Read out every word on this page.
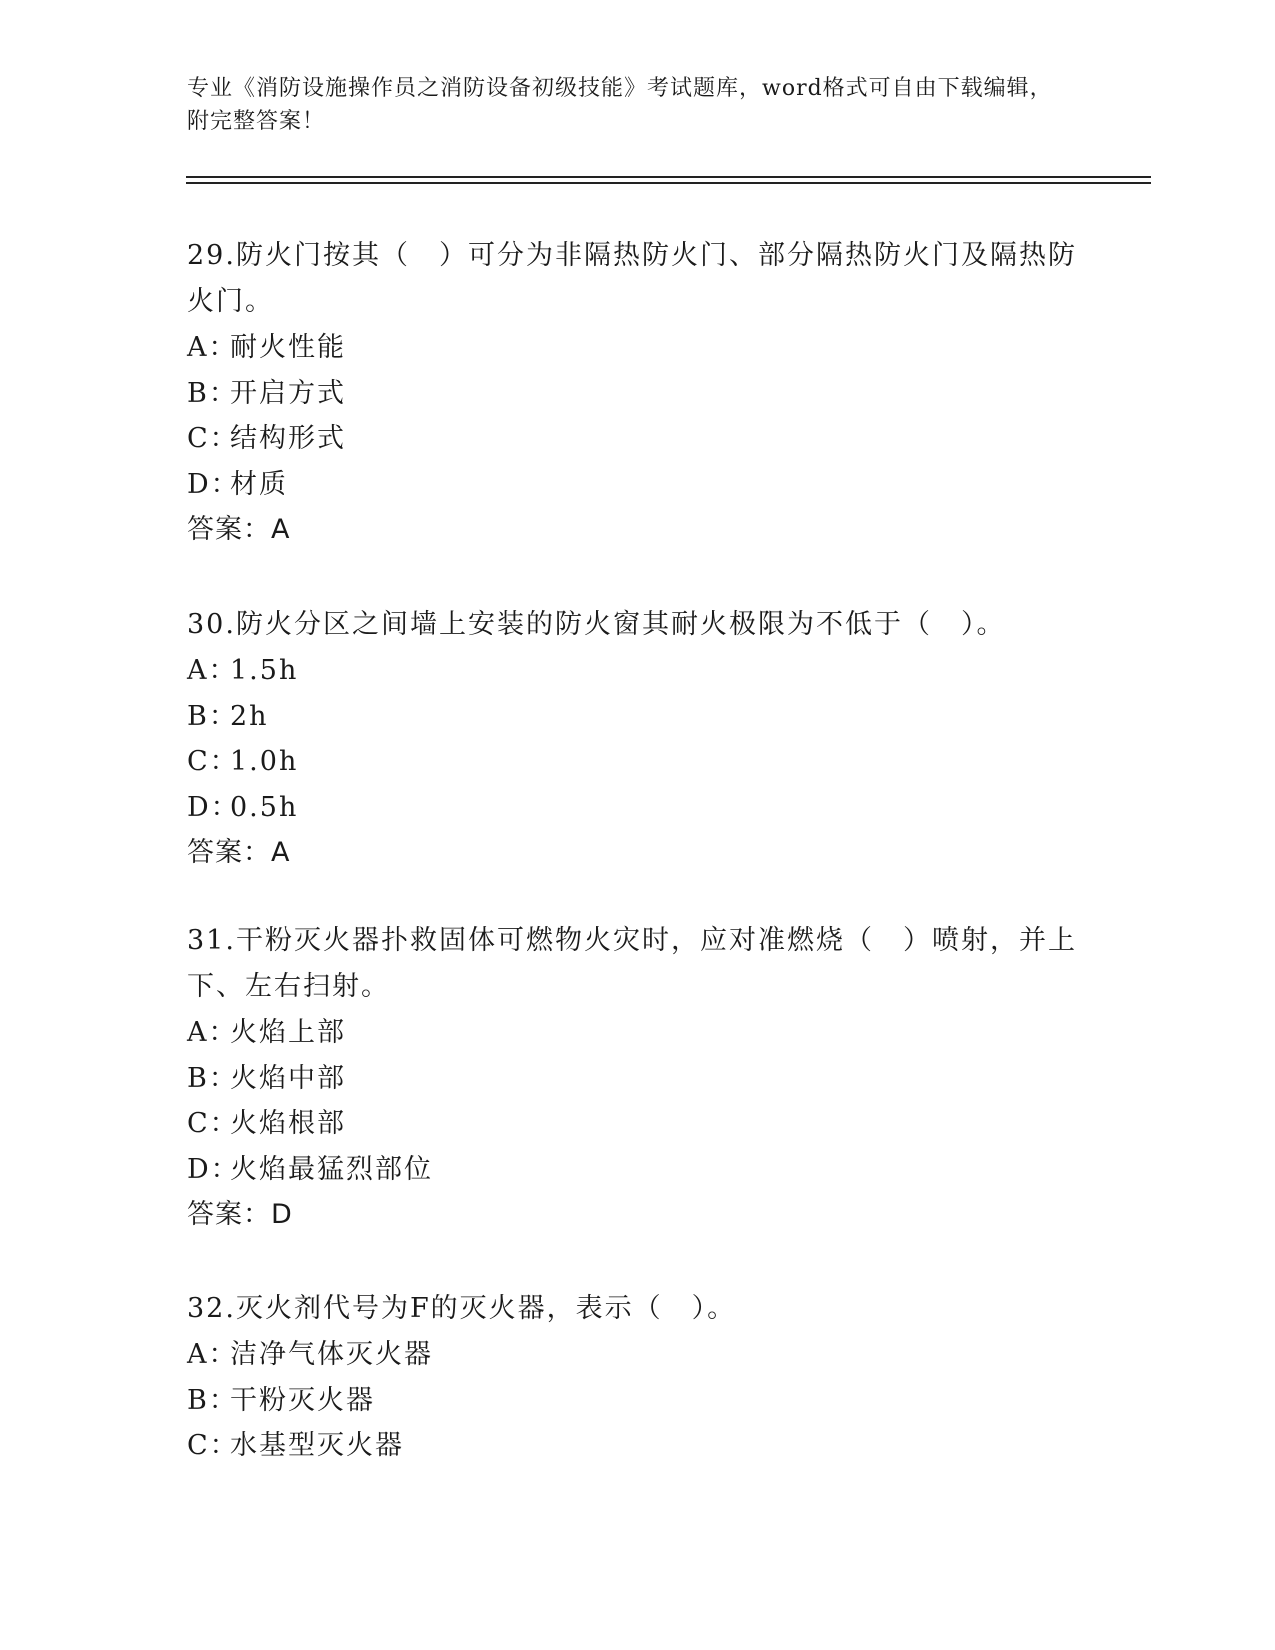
专业《消防设施操作员之消防设备初级技能》考试题库，word格式可自由下载编辑，附完整答案！
29.防火门按其（　）可分为非隔热防火门、部分隔热防火门及隔热防火门。
A：耐火性能
B：开启方式
C：结构形式
D：材质
答案：A
30.防火分区之间墙上安装的防火窗其耐火极限为不低于（　）。
A：1.5h
B：2h
C：1.0h
D：0.5h
答案：A
31.干粉灭火器扑救固体可燃物火灾时，应对准燃烧（　）喷射，并上下、左右扫射。
A：火焰上部
B：火焰中部
C：火焰根部
D：火焰最猛烈部位
答案：D
32.灭火剂代号为F的灭火器，表示（　）。
A：洁净气体灭火器
B：干粉灭火器
C：水基型灭火器
